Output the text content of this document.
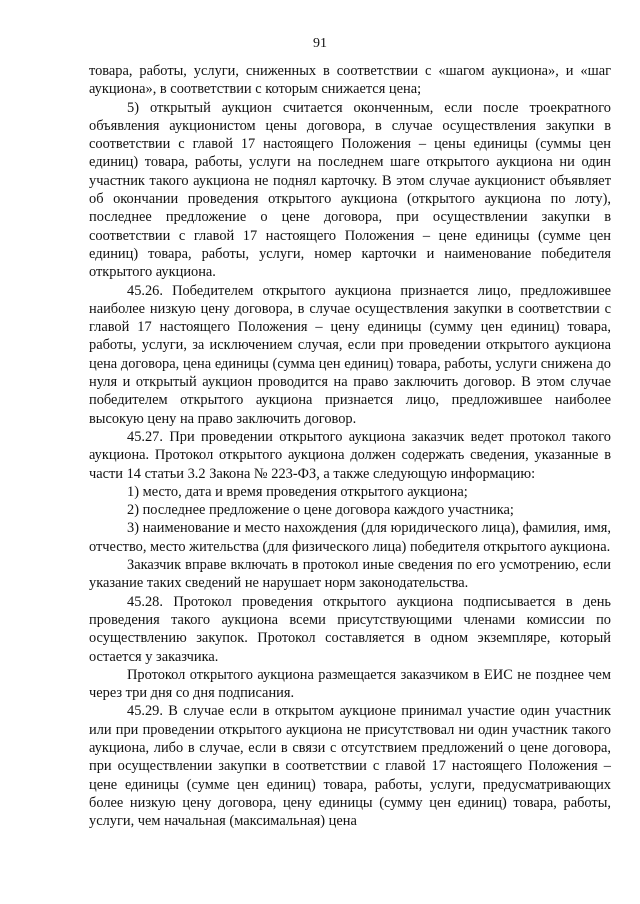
91

товара, работы, услуги, сниженных в соответствии с «шагом аукциона», и «шаг аукциона», в соответствии с которым снижается цена;

5) открытый аукцион считается оконченным, если после троекратного объявления аукционистом цены договора, в случае осуществления закупки в соответствии с главой 17 настоящего Положения – цены единицы (суммы цен единиц) товара, работы, услуги на последнем шаге открытого аукциона ни один участник такого аукциона не поднял карточку. В этом случае аукционист объявляет об окончании проведения открытого аукциона (открытого аукциона по лоту), последнее предложение о цене договора, при осуществлении закупки в соответствии с главой 17 настоящего Положения – цене единицы (сумме цен единиц) товара, работы, услуги, номер карточки и наименование победителя открытого аукциона.

45.26. Победителем открытого аукциона признается лицо, предложившее наиболее низкую цену договора, в случае осуществления закупки в соответствии с главой 17 настоящего Положения – цену единицы (сумму цен единиц) товара, работы, услуги, за исключением случая, если при проведении открытого аукциона цена договора, цена единицы (сумма цен единиц) товара, работы, услуги снижена до нуля и открытый аукцион проводится на право заключить договор. В этом случае победителем открытого аукциона признается лицо, предложившее наиболее высокую цену на право заключить договор.

45.27. При проведении открытого аукциона заказчик ведет протокол такого аукциона. Протокол открытого аукциона должен содержать сведения, указанные в части 14 статьи 3.2 Закона № 223-ФЗ, а также следующую информацию:

1) место, дата и время проведения открытого аукциона;

2) последнее предложение о цене договора каждого участника;

3) наименование и место нахождения (для юридического лица), фамилия, имя, отчество, место жительства (для физического лица) победителя открытого аукциона.

Заказчик вправе включать в протокол иные сведения по его усмотрению, если указание таких сведений не нарушает норм законодательства.

45.28. Протокол проведения открытого аукциона подписывается в день проведения такого аукциона всеми присутствующими членами комиссии по осуществлению закупок. Протокол составляется в одном экземпляре, который остается у заказчика.

Протокол открытого аукциона размещается заказчиком в ЕИС не позднее чем через три дня со дня подписания.

45.29. В случае если в открытом аукционе принимал участие один участник или при проведении открытого аукциона не присутствовал ни один участник такого аукциона, либо в случае, если в связи с отсутствием предложений о цене договора, при осуществлении закупки в соответствии с главой 17 настоящего Положения – цене единицы (сумме цен единиц) товара, работы, услуги, предусматривающих более низкую цену договора, цену единицы (сумму цен единиц) товара, работы, услуги, чем начальная (максимальная) цена
